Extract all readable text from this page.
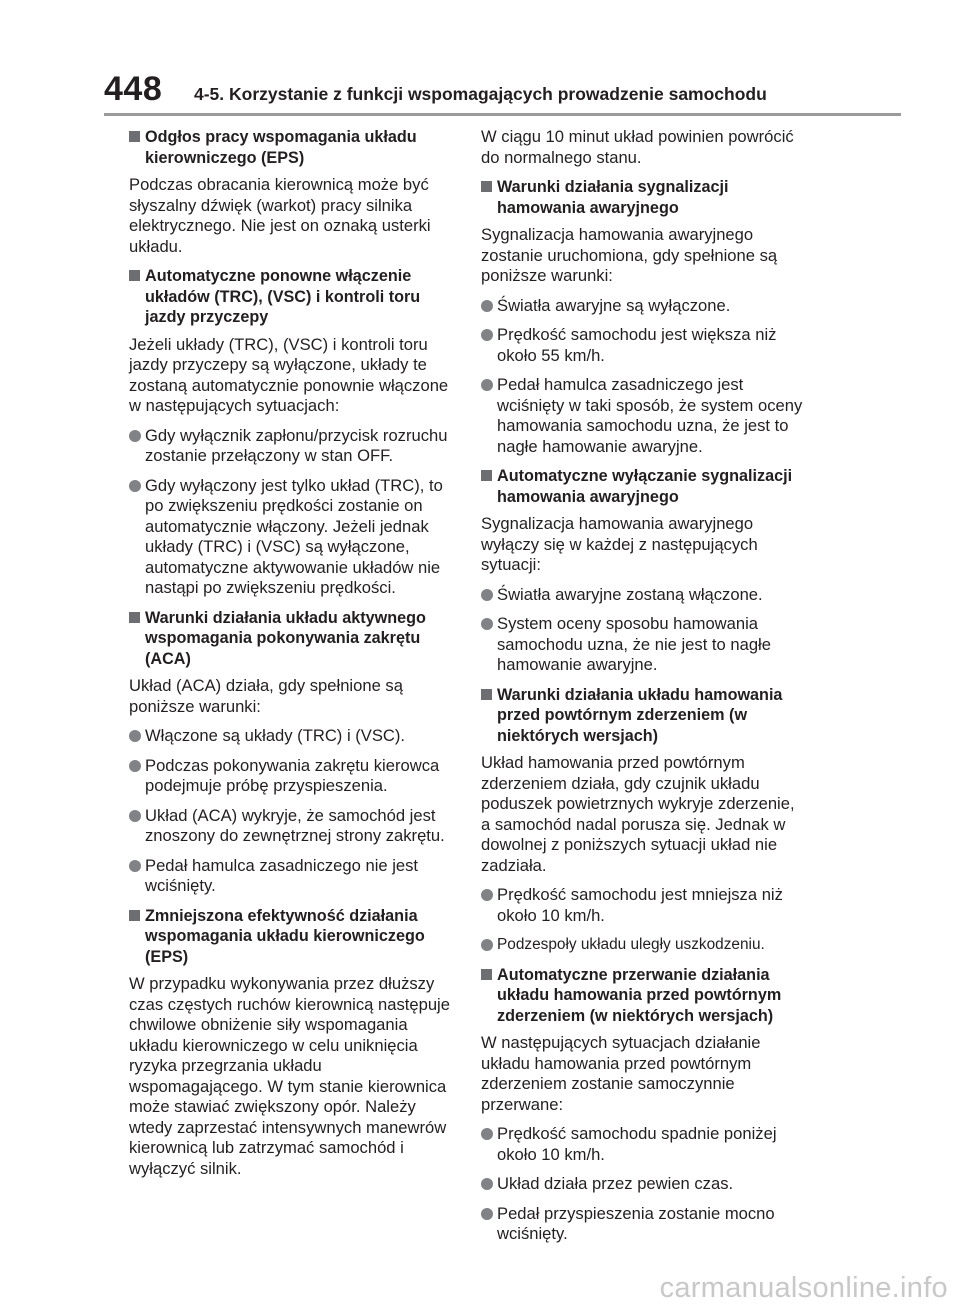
448 4-5. Korzystanie z funkcji wspomagających prowadzenie samochodu
Odgłos pracy wspomagania układu kierowniczego (EPS)
Podczas obracania kierownicą może być słyszalny dźwięk (warkot) pracy silnika elektrycznego. Nie jest on oznaką usterki układu.
Automatyczne ponowne włączenie układów (TRC), (VSC) i kontroli toru jazdy przyczepy
Jeżeli układy (TRC), (VSC) i kontroli toru jazdy przyczepy są wyłączone, układy te zostaną automatycznie ponownie włączone w następujących sytuacjach:
Gdy wyłącznik zapłonu/przycisk rozruchu zostanie przełączony w stan OFF.
Gdy wyłączony jest tylko układ (TRC), to po zwiększeniu prędkości zostanie on automatycznie włączony. Jeżeli jednak układy (TRC) i (VSC) są wyłączone, automatyczne aktywowanie układów nie nastąpi po zwiększeniu prędkości.
Warunki działania układu aktywnego wspomagania pokonywania zakrętu (ACA)
Układ (ACA) działa, gdy spełnione są poniższe warunki:
Włączone są układy (TRC) i (VSC).
Podczas pokonywania zakrętu kierowca podejmuje próbę przyspieszenia.
Układ (ACA) wykryje, że samochód jest znoszony do zewnętrznej strony zakrętu.
Pedał hamulca zasadniczego nie jest wciśnięty.
Zmniejszona efektywność działania wspomagania układu kierowniczego (EPS)
W przypadku wykonywania przez dłuższy czas częstych ruchów kierownicą następuje chwilowe obniżenie siły wspomagania układu kierowniczego w celu uniknięcia ryzyka przegrzania układu wspomagającego. W tym stanie kierownica może stawiać zwiększony opór. Należy wtedy zaprzestać intensywnych manewrów kierownicą lub zatrzymać samochód i wyłączyć silnik.
W ciągu 10 minut układ powinien powrócić do normalnego stanu.
Warunki działania sygnalizacji hamowania awaryjnego
Sygnalizacja hamowania awaryjnego zostanie uruchomiona, gdy spełnione są poniższe warunki:
Światła awaryjne są wyłączone.
Prędkość samochodu jest większa niż około 55 km/h.
Pedał hamulca zasadniczego jest wciśnięty w taki sposób, że system oceny hamowania samochodu uzna, że jest to nagłe hamowanie awaryjne.
Automatyczne wyłączanie sygnalizacji hamowania awaryjnego
Sygnalizacja hamowania awaryjnego wyłączy się w każdej z następujących sytuacji:
Światła awaryjne zostaną włączone.
System oceny sposobu hamowania samochodu uzna, że nie jest to nagłe hamowanie awaryjne.
Warunki działania układu hamowania przed powtórnym zderzeniem (w niektórych wersjach)
Układ hamowania przed powtórnym zderzeniem działa, gdy czujnik układu poduszek powietrznych wykryje zderzenie, a samochód nadal porusza się. Jednak w dowolnej z poniższych sytuacji układ nie zadziała.
Prędkość samochodu jest mniejsza niż około 10 km/h.
Podzespoły układu uległy uszkodzeniu.
Automatyczne przerwanie działania układu hamowania przed powtórnym zderzeniem (w niektórych wersjach)
W następujących sytuacjach działanie układu hamowania przed powtórnym zderzeniem zostanie samoczynnie przerwane:
Prędkość samochodu spadnie poniżej około 10 km/h.
Układ działa przez pewien czas.
Pedał przyspieszenia zostanie mocno wciśnięty.
carmanualsonline.info
